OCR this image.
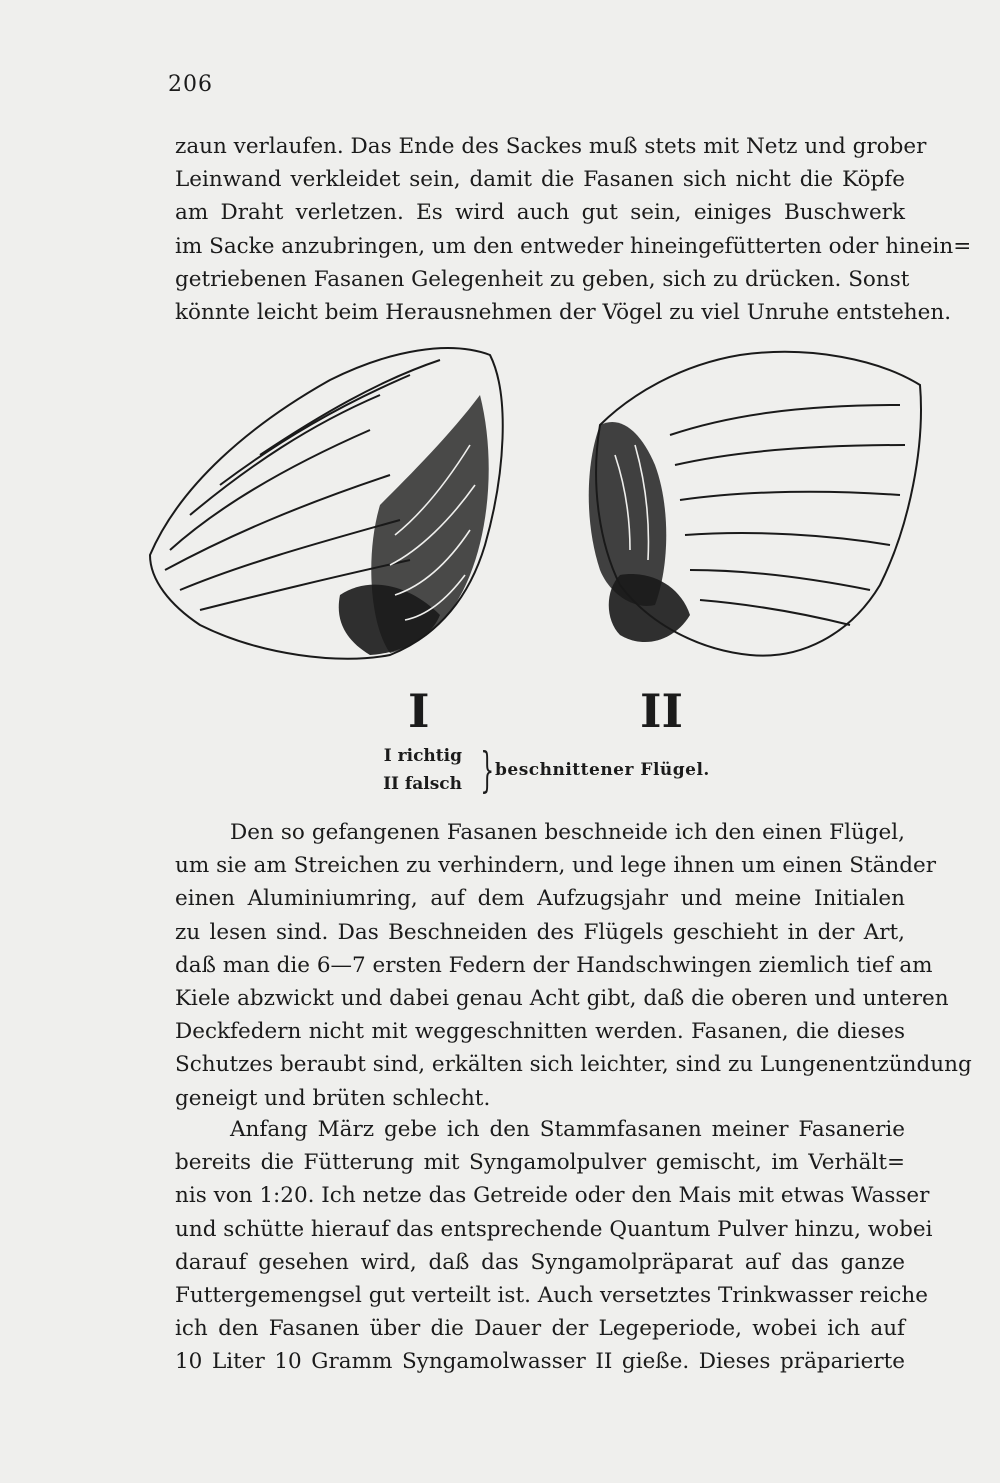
206
zaun verlaufen. Das Ende des Sackes muß stets mit Netz und grober
Leinwand verkleidet sein, damit die Fasanen sich nicht die Köpfe
am Draht verletzen. Es wird auch gut sein, einiges Buschwerk
im Sacke anzubringen, um den entweder hineingefütterten oder hinein=
getriebenen Fasanen Gelegenheit zu geben, sich zu drücken. Sonst
könnte leicht beim Herausnehmen der Vögel zu viel Unruhe entstehen.
I	II
I richtig
II falsch } beschnittener Flügel.
Den so gefangenen Fasanen beschneide ich den einen Flügel,
um sie am Streichen zu verhindern, und lege ihnen um einen Ständer
einen Aluminiumring, auf dem Aufzugsjahr und meine Initialen
zu lesen sind. Das Beschneiden des Flügels geschieht in der Art,
daß man die 6—7 ersten Federn der Handschwingen ziemlich tief am
Kiele abzwickt und dabei genau Acht gibt, daß die oberen und unteren
Deckfedern nicht mit weggeschnitten werden. Fasanen, die dieses
Schutzes beraubt sind, erkälten sich leichter, sind zu Lungenentzündung
geneigt und brüten schlecht.
Anfang März gebe ich den Stammfasanen meiner Fasanerie
bereits die Fütterung mit Syngamolpulver gemischt, im Verhält=
nis von 1:20. Ich netze das Getreide oder den Mais mit etwas Wasser
und schütte hierauf das entsprechende Quantum Pulver hinzu, wobei
darauf gesehen wird, daß das Syngamolpräparat auf das ganze
Futtergemengsel gut verteilt ist. Auch versetztes Trinkwasser reiche
ich den Fasanen über die Dauer der Legeperiode, wobei ich auf
10 Liter 10 Gramm Syngamolwasser II gieße. Dieses präparierte
